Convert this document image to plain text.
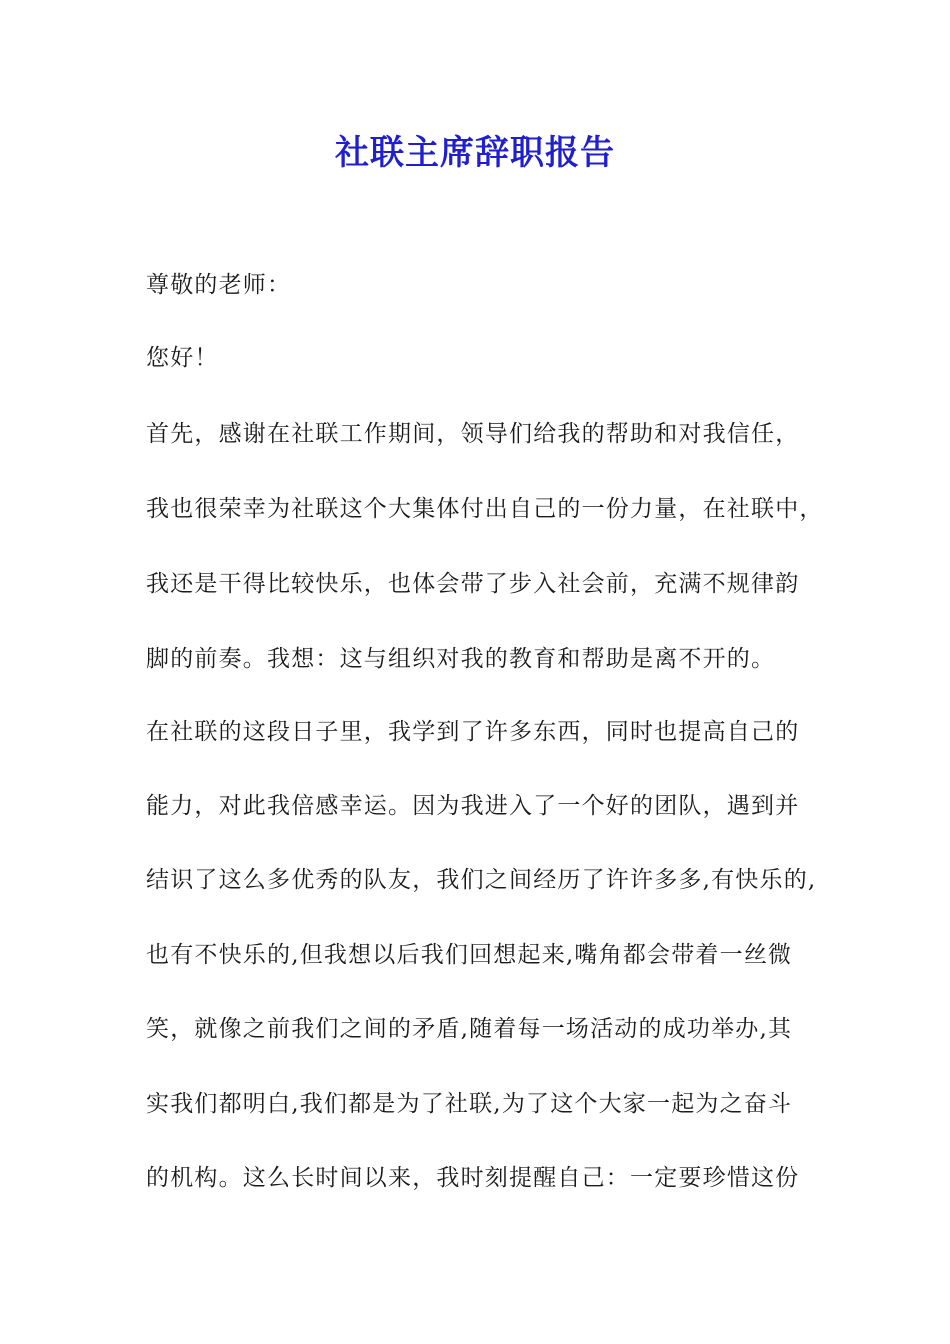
社联主席辞职报告
尊敬的老师：
您好！
首先，感谢在社联工作期间，领导们给我的帮助和对我信任，
我也很荣幸为社联这个大集体付出自己的一份力量，在社联中，
我还是干得比较快乐，也体会带了步入社会前，充满不规律韵
脚的前奏。我想：这与组织对我的教育和帮助是离不开的。
在社联的这段日子里，我学到了许多东西，同时也提高自己的
能力，对此我倍感幸运。因为我进入了一个好的团队，遇到并
结识了这么多优秀的队友，我们之间经历了许许多多,有快乐的,
也有不快乐的,但我想以后我们回想起来,嘴角都会带着一丝微
笑，就像之前我们之间的矛盾,随着每一场活动的成功举办,其
实我们都明白,我们都是为了社联,为了这个大家一起为之奋斗
的机构。这么长时间以来，我时刻提醒自己：一定要珍惜这份
